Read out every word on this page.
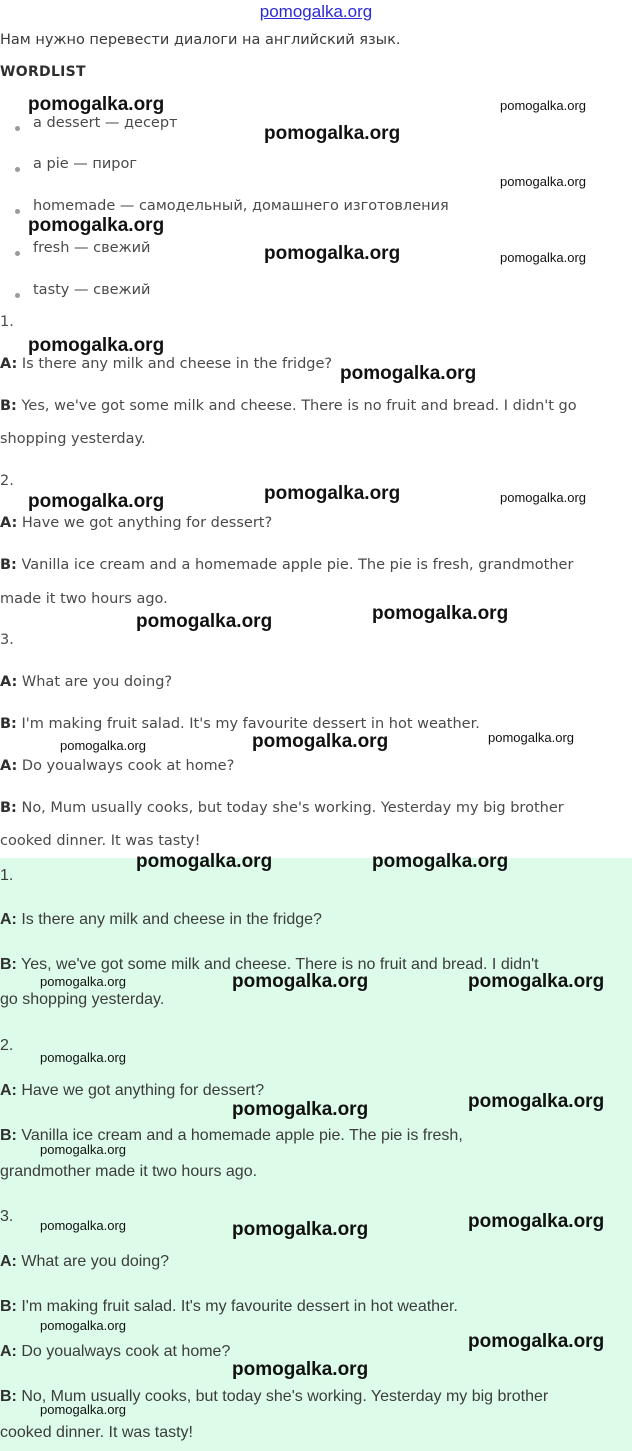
pomogalka.org
Нам нужно перевести диалоги на английский язык.
WORDLIST
a dessert — десерт
a pie — пирог
homemade — самодельный, домашнего изготовления
fresh — свежий
tasty — свежий
1.
A: Is there any milk and cheese in the fridge?
B: Yes, we've got some milk and cheese. There is no fruit and bread. I didn't go
shopping yesterday.
2.
A: Have we got anything for dessert?
B: Vanilla ice cream and a homemade apple pie. The pie is fresh, grandmother
made it two hours ago.
3.
A: What are you doing?
B: I'm making fruit salad. It's my favourite dessert in hot weather.
A: Do youalways cook at home?
B: No, Mum usually cooks, but today she's working. Yesterday my big brother
cooked dinner. It was tasty!
1.
A: Is there any milk and cheese in the fridge?
B: Yes, we've got some milk and cheese. There is no fruit and bread. I didn't
go shopping yesterday.
2.
A: Have we got anything for dessert?
B: Vanilla ice cream and a homemade apple pie. The pie is fresh,
grandmother made it two hours ago.
3.
A: What are you doing?
B: I'm making fruit salad. It's my favourite dessert in hot weather.
A: Do youalways cook at home?
B: No, Mum usually cooks, but today she's working. Yesterday my big brother
cooked dinner. It was tasty!
pomogalka.org	pomogalka.org
pomogalka.org
pomogalka.org
pomogalka.org
pomogalka.org	pomogalka.org
pomogalka.org
pomogalka.org
pomogalka.org
pomogalka.org	pomogalka.org
pomogalka.org
pomogalka.org
pomogalka.org	pomogalka.org	pomogalka.org
pomogalka.org	pomogalka.org
pomogalka.org	pomogalka.org	pomogalka.org
pomogalka.org
pomogalka.org
pomogalka.org
pomogalka.org
pomogalka.org
pomogalka.org	pomogalka.org
pomogalka.org
pomogalka.org
pomogalka.org
pomogalka.org
